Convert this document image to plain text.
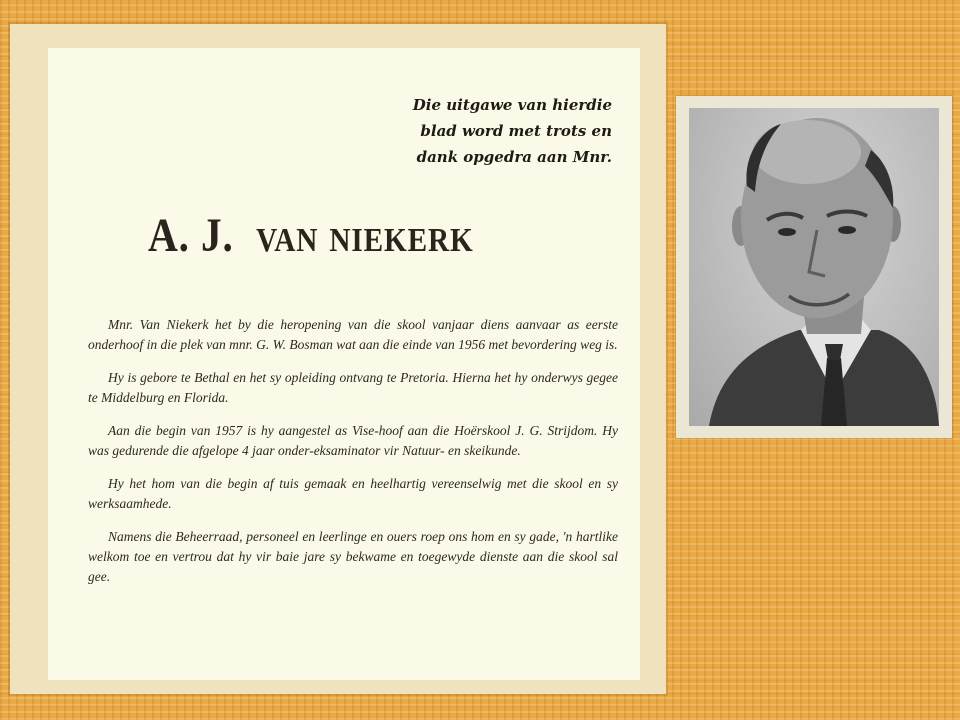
Die uitgawe van hierdie
blad word met trots en
dank opgedra aan Mnr.

A. J. VAN NIEKERK

Mnr. Van Niekerk het by die heropening van die skool vanjaar diens aanvaar as eerste onderhoof in die plek van mnr. G. W. Bosman wat aan die einde van 1956 met bevordering weg is.

Hy is gebore te Bethal en het sy opleiding ontvang te Pretoria. Hierna het hy onderwys gegee te Middelburg en Florida.

Aan die begin van 1957 is hy aangestel as Vise-hoof aan die Hoërskool J. G. Strijdom. Hy was gedurende die afgelope 4 jaar onder-eksaminator vir Natuur- en skeikunde.

Hy het hom van die begin af tuis gemaak en heelhartig vereenselwig met die skool en sy werksaamhede.

Namens die Beheerraad, personeel en leerlinge en ouers roep ons hom en sy gade, 'n hartlike welkom toe en vertrou dat hy vir baie jare sy bekwame en toegewyde dienste aan die skool sal gee.
